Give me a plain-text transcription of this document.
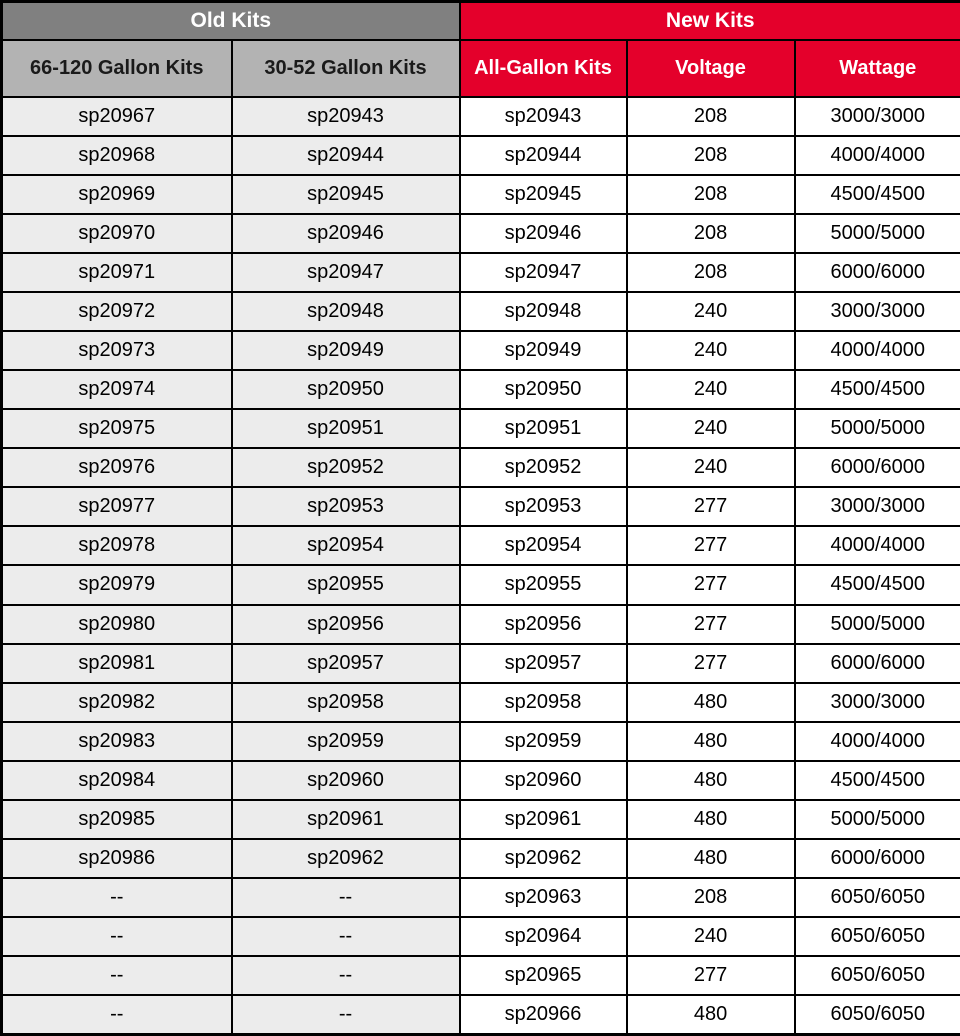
Old Kits		New Kits		
66-120 Gallon Kits	30-52 Gallon Kits	All-Gallon Kits	Voltage	Wattage
sp20967	sp20943	sp20943	208	3000/3000
sp20968	sp20944	sp20944	208	4000/4000
sp20969	sp20945	sp20945	208	4500/4500
sp20970	sp20946	sp20946	208	5000/5000
sp20971	sp20947	sp20947	208	6000/6000
sp20972	sp20948	sp20948	240	3000/3000
sp20973	sp20949	sp20949	240	4000/4000
sp20974	sp20950	sp20950	240	4500/4500
sp20975	sp20951	sp20951	240	5000/5000
sp20976	sp20952	sp20952	240	6000/6000
sp20977	sp20953	sp20953	277	3000/3000
sp20978	sp20954	sp20954	277	4000/4000
sp20979	sp20955	sp20955	277	4500/4500
sp20980	sp20956	sp20956	277	5000/5000
sp20981	sp20957	sp20957	277	6000/6000
sp20982	sp20958	sp20958	480	3000/3000
sp20983	sp20959	sp20959	480	4000/4000
sp20984	sp20960	sp20960	480	4500/4500
sp20985	sp20961	sp20961	480	5000/5000
sp20986	sp20962	sp20962	480	6000/6000
--	--	sp20963	208	6050/6050
--	--	sp20964	240	6050/6050
--	--	sp20965	277	6050/6050
--	--	sp20966	480	6050/6050
